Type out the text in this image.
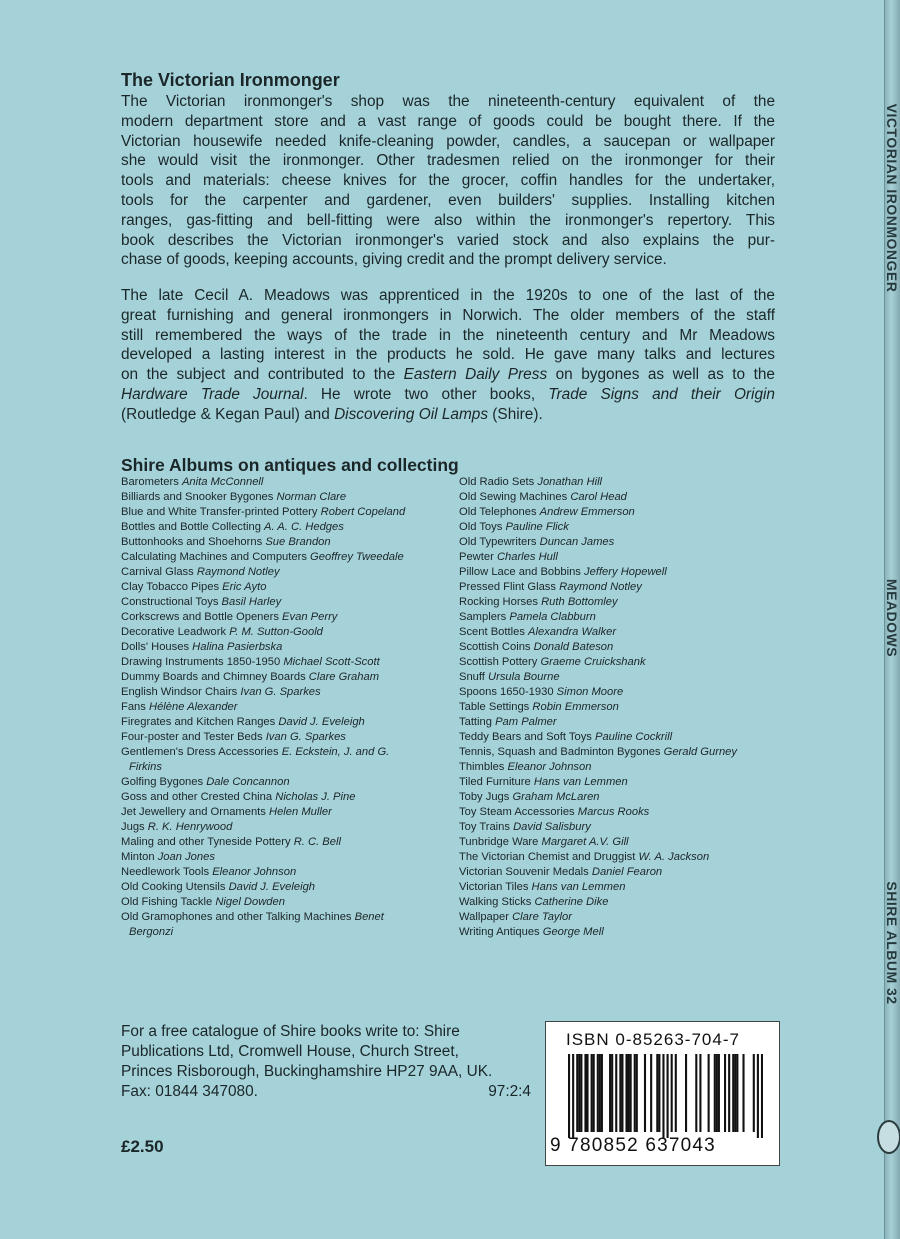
The Victorian Ironmonger
The Victorian ironmonger's shop was the nineteenth-century equivalent of the
modern department store and a vast range of goods could be bought there. If the
Victorian housewife needed knife-cleaning powder, candles, a saucepan or wallpaper
she would visit the ironmonger. Other tradesmen relied on the ironmonger for their
tools and materials: cheese knives for the grocer, coffin handles for the undertaker,
tools for the carpenter and gardener, even builders' supplies. Installing kitchen
ranges, gas-fitting and bell-fitting were also within the ironmonger's repertory. This
book describes the Victorian ironmonger's varied stock and also explains the pur-
chase of goods, keeping accounts, giving credit and the prompt delivery service.
The late Cecil A. Meadows was apprenticed in the 1920s to one of the last of the
great furnishing and general ironmongers in Norwich. The older members of the staff
still remembered the ways of the trade in the nineteenth century and Mr Meadows
developed a lasting interest in the products he sold. He gave many talks and lectures
on the subject and contributed to the Eastern Daily Press on bygones as well as to the
Hardware Trade Journal. He wrote two other books, Trade Signs and their Origin
(Routledge & Kegan Paul) and Discovering Oil Lamps (Shire).
Shire Albums on antiques and collecting
Barometers Anita McConnell
Billiards and Snooker Bygones Norman Clare
Blue and White Transfer-printed Pottery Robert Copeland
Bottles and Bottle Collecting A. A. C. Hedges
Buttonhooks and Shoehorns Sue Brandon
Calculating Machines and Computers Geoffrey Tweedale
Carnival Glass Raymond Notley
Clay Tobacco Pipes Eric Ayto
Constructional Toys Basil Harley
Corkscrews and Bottle Openers Evan Perry
Decorative Leadwork P. M. Sutton-Goold
Dolls' Houses Halina Pasierbska
Drawing Instruments 1850-1950 Michael Scott-Scott
Dummy Boards and Chimney Boards Clare Graham
English Windsor Chairs Ivan G. Sparkes
Fans Hélène Alexander
Firegrates and Kitchen Ranges David J. Eveleigh
Four-poster and Tester Beds Ivan G. Sparkes
Gentlemen's Dress Accessories E. Eckstein, J. and G.
Firkins
Golfing Bygones Dale Concannon
Goss and other Crested China Nicholas J. Pine
Jet Jewellery and Ornaments Helen Muller
Jugs R. K. Henrywood
Maling and other Tyneside Pottery R. C. Bell
Minton Joan Jones
Needlework Tools Eleanor Johnson
Old Cooking Utensils David J. Eveleigh
Old Fishing Tackle Nigel Dowden
Old Gramophones and other Talking Machines Benet
Bergonzi
Old Radio Sets Jonathan Hill
Old Sewing Machines Carol Head
Old Telephones Andrew Emmerson
Old Toys Pauline Flick
Old Typewriters Duncan James
Pewter Charles Hull
Pillow Lace and Bobbins Jeffery Hopewell
Pressed Flint Glass Raymond Notley
Rocking Horses Ruth Bottomley
Samplers Pamela Clabburn
Scent Bottles Alexandra Walker
Scottish Coins Donald Bateson
Scottish Pottery Graeme Cruickshank
Snuff Ursula Bourne
Spoons 1650-1930 Simon Moore
Table Settings Robin Emmerson
Tatting Pam Palmer
Teddy Bears and Soft Toys Pauline Cockrill
Tennis, Squash and Badminton Bygones Gerald Gurney
Thimbles Eleanor Johnson
Tiled Furniture Hans van Lemmen
Toby Jugs Graham McLaren
Toy Steam Accessories Marcus Rooks
Toy Trains David Salisbury
Tunbridge Ware Margaret A.V. Gill
The Victorian Chemist and Druggist W. A. Jackson
Victorian Souvenir Medals Daniel Fearon
Victorian Tiles Hans van Lemmen
Walking Sticks Catherine Dike
Wallpaper Clare Taylor
Writing Antiques George Mell
For a free catalogue of Shire books write to: Shire
Publications Ltd, Cromwell House, Church Street,
Princes Risborough, Buckinghamshire HP27 9AA, UK.
Fax: 01844 347080.	97:2:4
£2.50
ISBN 0-85263-704-7
9 780852 637043
VICTORIAN IRONMONGER
MEADOWS
SHIRE ALBUM 32
